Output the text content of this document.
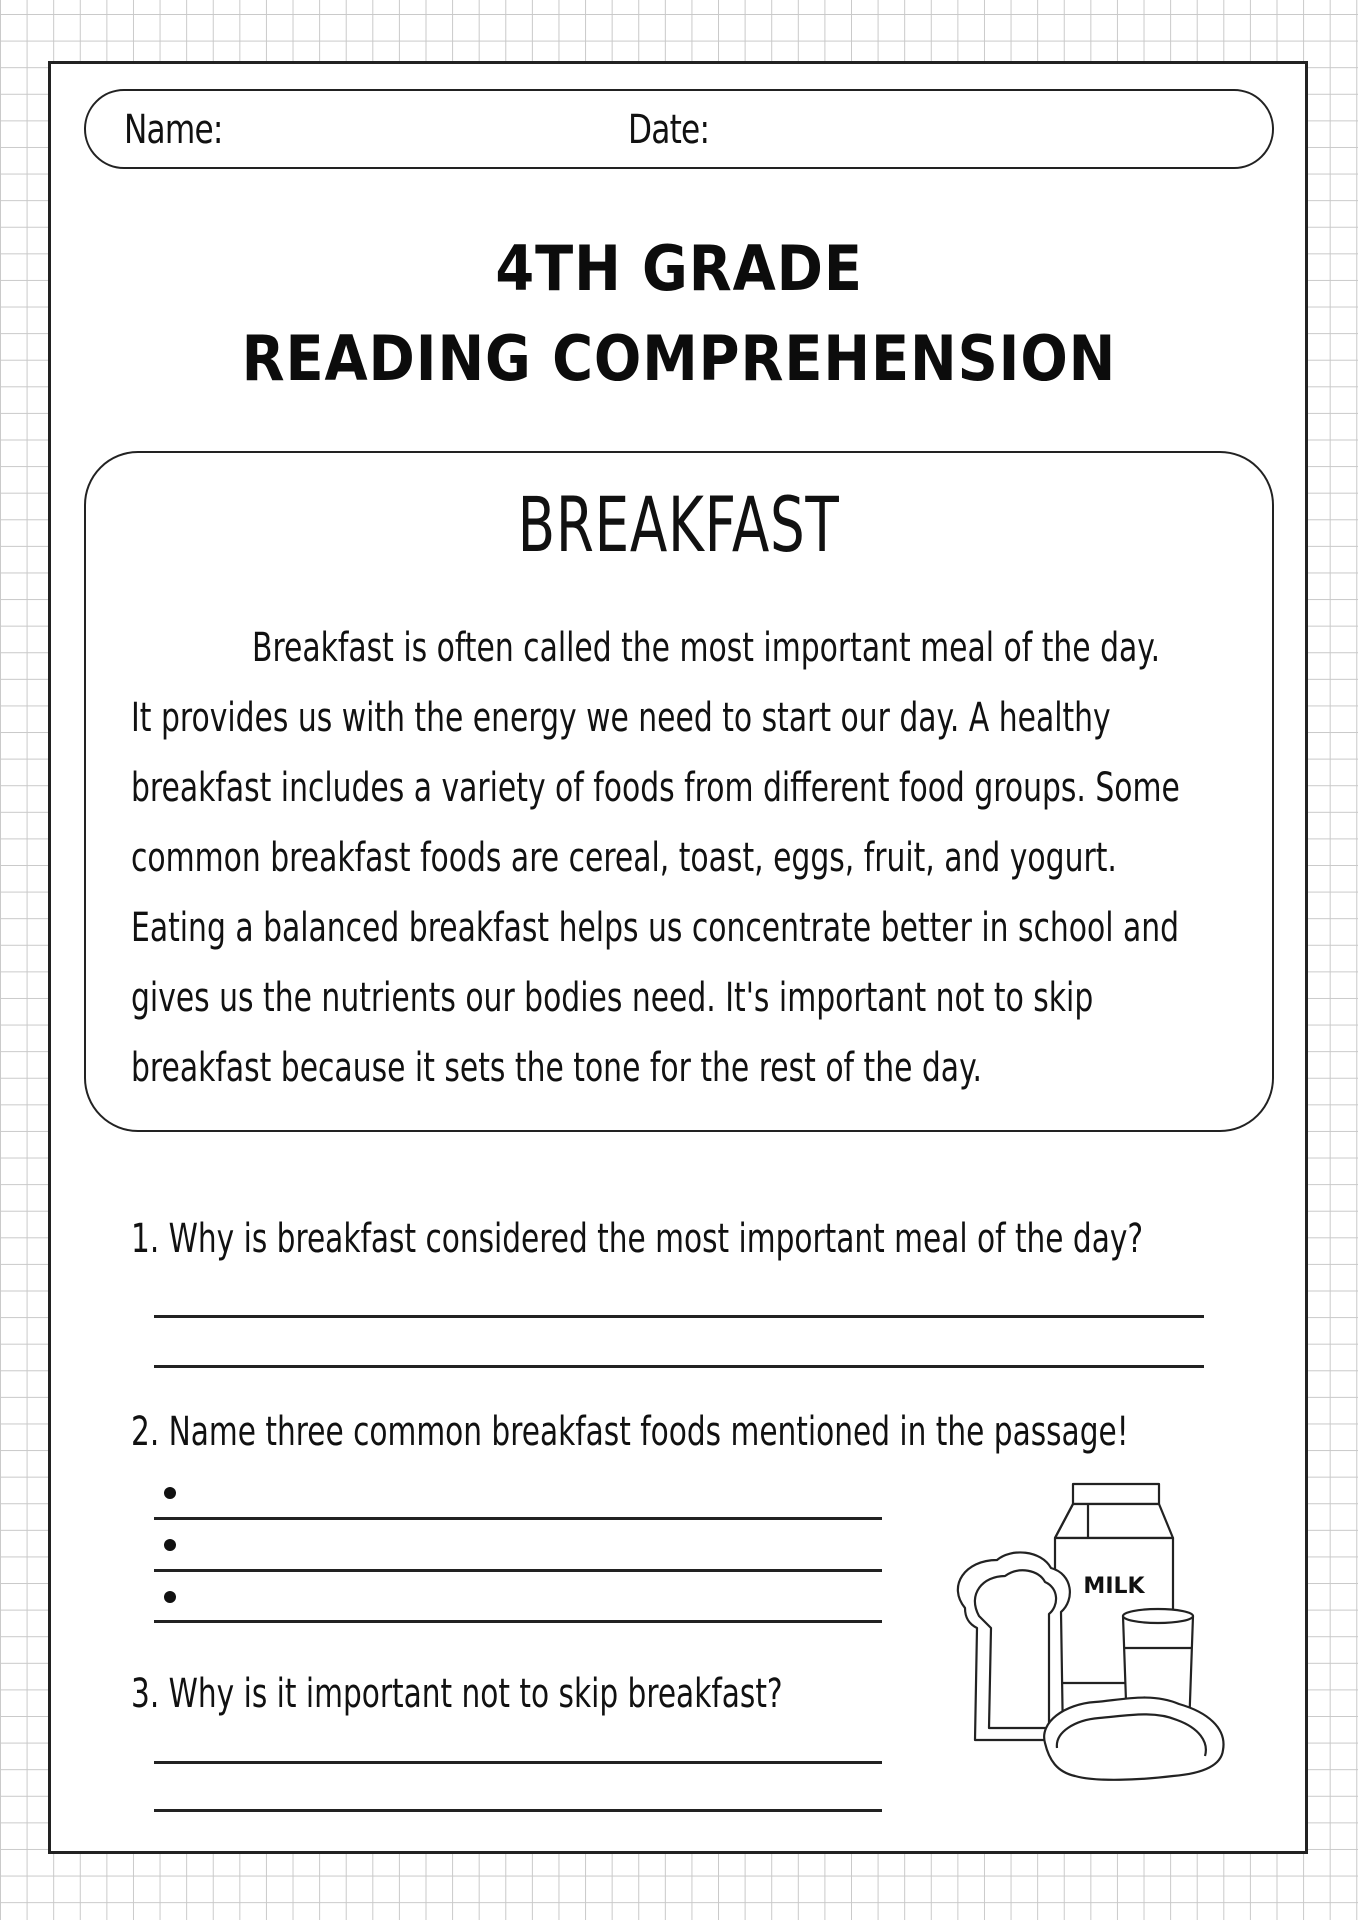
Name:	Date:
4TH GRADE
READING COMPREHENSION
BREAKFAST
Breakfast is often called the most important meal of the day.
It provides us with the energy we need to start our day. A healthy
breakfast includes a variety of foods from different food groups. Some
common breakfast foods are cereal, toast, eggs, fruit, and yogurt.
Eating a balanced breakfast helps us concentrate better in school and
gives us the nutrients our bodies need. It's important not to skip
breakfast because it sets the tone for the rest of the day.
1. Why is breakfast considered the most important meal of the day?
2. Name three common breakfast foods mentioned in the passage!
3. Why is it important not to skip breakfast?
MILK
